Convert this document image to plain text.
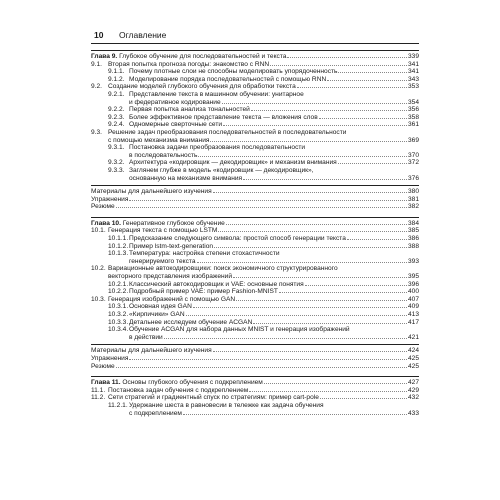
10 Оглавление
Глава 9. Глубокое обучение для последовательностей и текста	339
9.1. Вторая попытка прогноза погоды: знакомство с RNN	341
9.1.1. Почему плотные слои не способны моделировать упорядоченность	341
9.1.2. Моделирование порядка последовательностей с помощью RNN	343
9.2. Создание моделей глубокого обучения для обработки текста	353
9.2.1. Представление текста в машинном обучении: унитарное
и федеративное кодирование	354
9.2.2. Первая попытка анализа тональностей	356
9.2.3. Более эффективное представление текста — вложения слов	358
9.2.4. Одномерные сверточные сети	361
9.3. Решение задач преобразования последовательностей в последовательности
с помощью механизма внимания	369
9.3.1. Постановка задачи преобразования последовательности
в последовательность	370
9.3.2. Архитектура «кодировщик — декодировщик» и механизм внимания	372
9.3.3. Заглянем глубже в модель «кодировщик — декодировщик»,
основанную на механизме внимания	376
Материалы для дальнейшего изучения	380
Упражнения	381
Резюме	382
Глава 10. Генеративное глубокое обучение	384
10.1. Генерация текста с помощью LSTM	385
10.1.1. Предсказание следующего символа: простой способ генерации текста	386
10.1.2. Пример lstm-text-generation	388
10.1.3. Температура: настройка степени стохастичности
генерируемого текста	393
10.2. Вариационные автокодировщики: поиск экономичного структурированного
векторного представления изображений	395
10.2.1. Классический автокодировщик и VAE: основные понятия	396
10.2.2. Подробный пример VAE: пример Fashion-MNIST	400
10.3. Генерация изображений с помощью GAN	407
10.3.1. Основная идея GAN	409
10.3.2. «Кирпичики» GAN	413
10.3.3. Детальнее исследуем обучение ACGAN	417
10.3.4. Обучение ACGAN для набора данных MNIST и генерация изображений
в действии	421
Материалы для дальнейшего изучения	424
Упражнения	425
Резюме	425
Глава 11. Основы глубокого обучения с подкреплением	427
11.1. Постановка задач обучения с подкреплением	429
11.2. Сети стратегий и градиентный спуск по стратегиям: пример cart-pole	432
11.2.1. Удержание шеста в равновесии в тележке как задача обучения
с подкреплением	433
